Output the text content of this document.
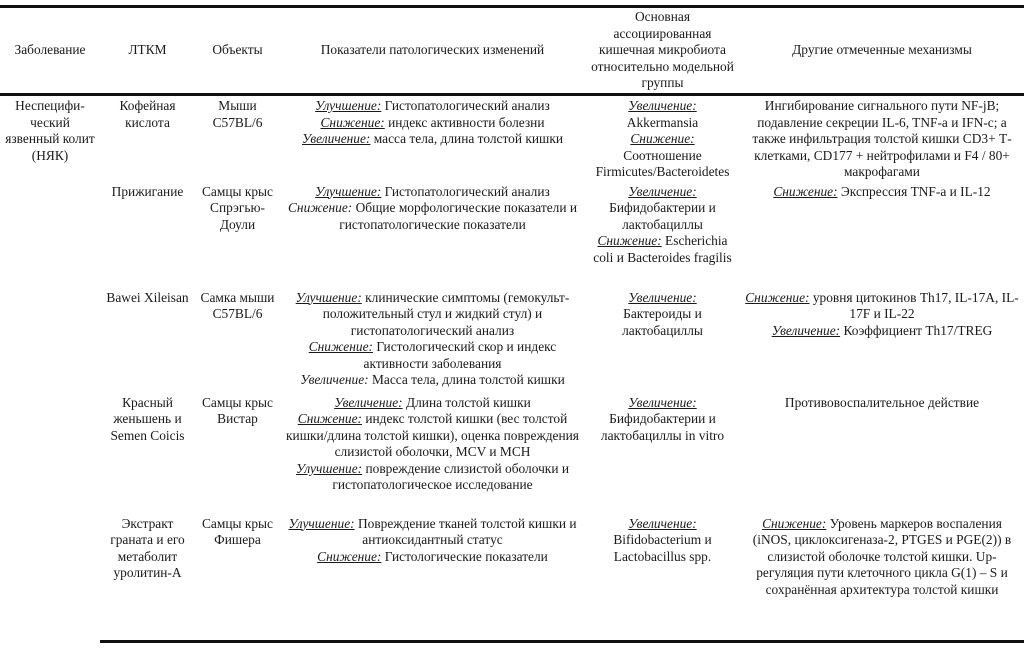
Заболевание	ЛТКМ	Объекты	Показатели патологических изменений	Основная ассоциированная кишечная микробиота относительно модельной группы	Другие отмеченные механизмы
Неспецифи-ческий язвенный колит (НЯК)	Кофейная кислота	Мыши C57BL/6	Улучшение: Гистопатологический анализ
Снижение: индекс активности болезни
Увеличение: масса тела, длина толстой кишки	Увеличение:
Akkermansia
Снижение:
Соотношение Firmicutes/Bacteroidetes	Ингибирование сигнального пути NF-jB; подавление секреции IL-6, TNF-a и IFN-c; а также инфильтрация толстой кишки CD3+ Т-клетками, CD177 + нейтрофилами и F4 / 80+ макрофагами

	Прижигание	Самцы крыс Спрэгью-Доули	Улучшение: Гистопатологический анализ
Снижение: Общие морфологические показатели и гистопатологические показатели	Увеличение:
Бифидобактерии и лактобациллы
Снижение: Escherichia coli и Bacteroides fragilis	Снижение: Экспрессия TNF-a и IL-12

	Bawei Xileisan	Самка мыши C57BL/6	Улучшение: клинические симптомы (гемокульт-положительный стул и жидкий стул) и гистопатологический анализ
Снижение: Гистологический скор и индекс активности заболевания
Увеличение: Масса тела, длина толстой кишки	Увеличение:
Бактероиды и лактобациллы	Снижение: уровня цитокинов Th17, IL-17A, IL-17F и IL-22
Увеличение: Коэффициент Th17/TREG

	Красный женьшень и Semen Coicis	Самцы крыс Вистар	Увеличение: Длина толстой кишки
Снижение: индекс толстой кишки (вес толстой кишки/длина толстой кишки), оценка повреждения слизистой оболочки, MCV и MCH
Улучшение: повреждение слизистой оболочки и гистопатологическое исследование	Увеличение:
Бифидобактерии и лактобациллы in vitro	Противовоспалительное действие

	Экстракт граната и его метаболит уролитин-А	Самцы крыс Фишера	Улучшение: Повреждение тканей толстой кишки и антиоксидантный статус
Снижение: Гистологические показатели	Увеличение:
Bifidobacterium и Lactobacillus spp.	Снижение: Уровень маркеров воспаления (iNOS, циклоксигеназа-2, PTGES и PGE(2)) в слизистой оболочке толстой кишки. Up-регуляция пути клеточного цикла G(1) – S и сохранённая архитектура толстой кишки
